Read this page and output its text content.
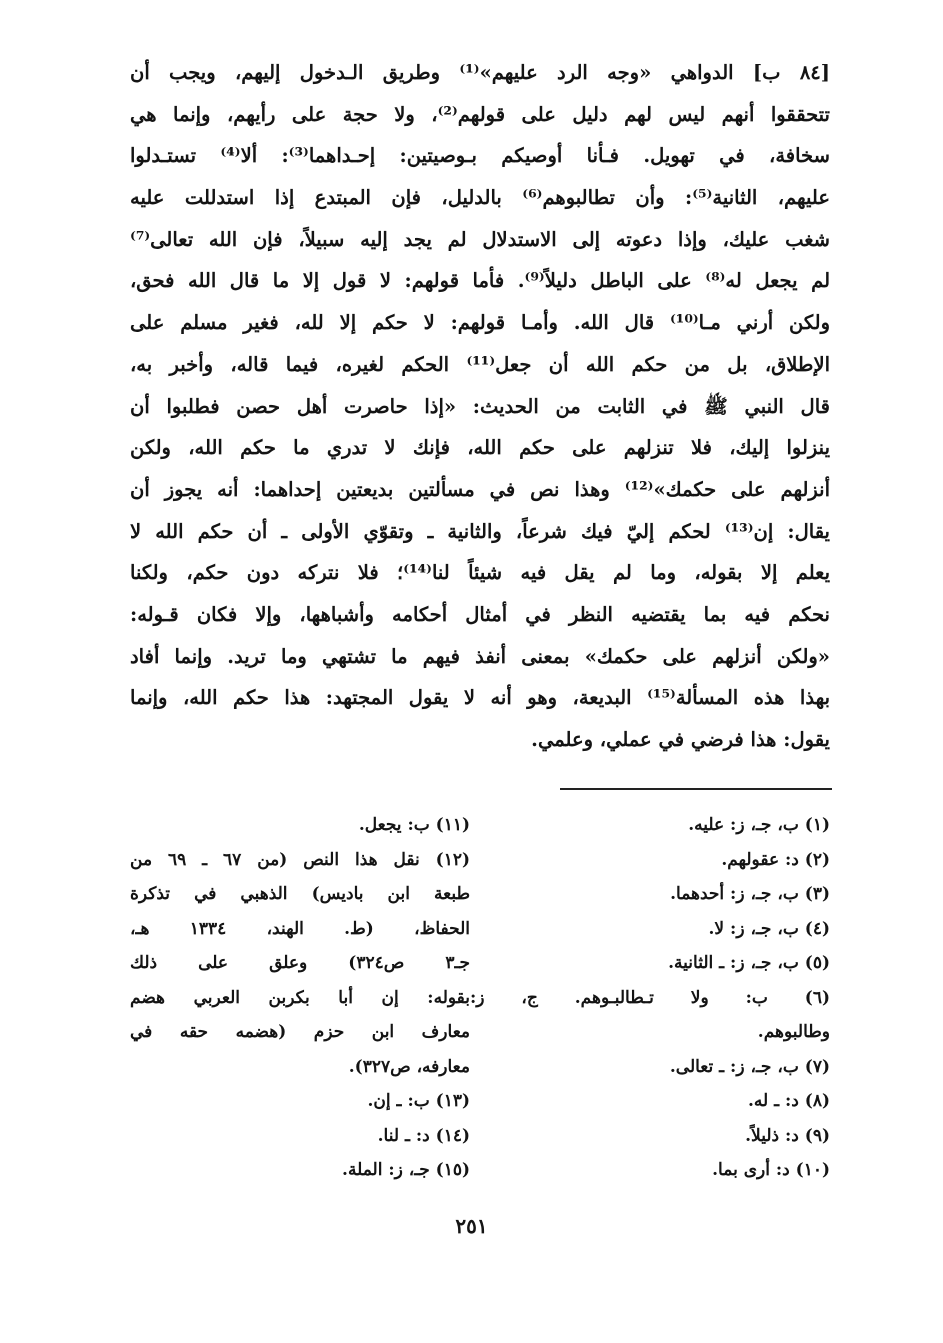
[٨٤ ب] الدواهي «وجه الرد عليهم»⁽¹⁾ وطريق الـدخول إليهم، ويجب أن
تتحققوا أنهم ليس لهم دليل على قولهم⁽²⁾، ولا حجة على رأيهم، وإنما هي
سخافة، في تهويل. فـأنا أوصيكم بـوصيتين: إحـداهما⁽³⁾: ألا⁽⁴⁾ تستـدلوا
عليهم، الثانية⁽⁵⁾: وأن تطالبوهم⁽⁶⁾ بالدليل، فإن المبتدع إذا استدللت عليه
شغب عليك، وإذا دعوته إلى الاستدلال لم يجد إليه سبيلاً، فإن الله تعالى⁽⁷⁾
لم يجعل له⁽⁸⁾ على الباطل دليلاً⁽⁹⁾. فأما قولهم: لا قول إلا ما قال الله فحق،
ولكن أرني مـا⁽¹⁰⁾ قال الله. وأمـا قولهم: لا حكم إلا لله، فغير مسلم على
الإطلاق، بل من حكم الله أن جعل⁽¹¹⁾ الحكم لغيره، فيما قاله، وأخبر به،
قال النبي ﷺ في الثابت من الحديث: «إذا حاصرت أهل حصن فطلبوا أن
ينزلوا إليك، فلا تنزلهم على حكم الله، فإنك لا تدري ما حكم الله، ولكن
أنزلهم على حكمك»⁽¹²⁾ وهذا نص في مسألتين بديعتين إحداهما: أنه يجوز أن
يقال: إن⁽¹³⁾ لحكم إليّ فيك شرعاً، والثانية ـ وتقوّي الأولى ـ أن حكم الله لا
يعلم إلا بقوله، وما لم يقل فيه شيئاً لنا⁽¹⁴⁾؛ فلا نتركه دون حكم، ولكنا
نحكم فيه بما يقتضيه النظر في أمثال أحكامه وأشباهها، وإلا فكان قـوله:
«ولكن أنزلهم على حكمك» بمعنى أنفذ فيهم ما تشتهي وما تريد. وإنما أفاد
بهذا هذه المسألة⁽¹⁵⁾ البديعة، وهو أنه لا يقول المجتهد: هذا حكم الله، وإنما
يقول: هذا فرضي في عملي، وعلمي.
(١) ب، جـ، ز: عليه.
(٢) د: عقولهم.
(٣) ب، جـ، ز: أحدهما.
(٤) ب، جـ، ز: لا.
(٥) ب، جـ، ز: ـ الثانية.
(٦) ب: ولا تـطالبـوهم. ج، ز:
وطالبوهم.
(٧) ب، جـ، ز: ـ تعالى.
(٨) د: ـ له.
(٩) د: ذليلاً.
(١٠) د: أرى بما.
(١١) ب: يجعل.
(١٢) نقل هذا النص (من ٦٧ ـ ٦٩ من
طبعة ابن باديس) الذهبي في تذكرة
الحفاظ، (ط. الهند، ١٣٣٤ هـ،
جـ٣ ص٣٢٤) وعلق على ذلك
بقوله: إن أبا بكربن العربي هضم
معارف ابن حزم (هضمه حقه في
معارفه، ص٣٢٧).
(١٣) ب: ـ إن.
(١٤) د: ـ لنا.
(١٥) جـ، ز: الملة.
٢٥١
